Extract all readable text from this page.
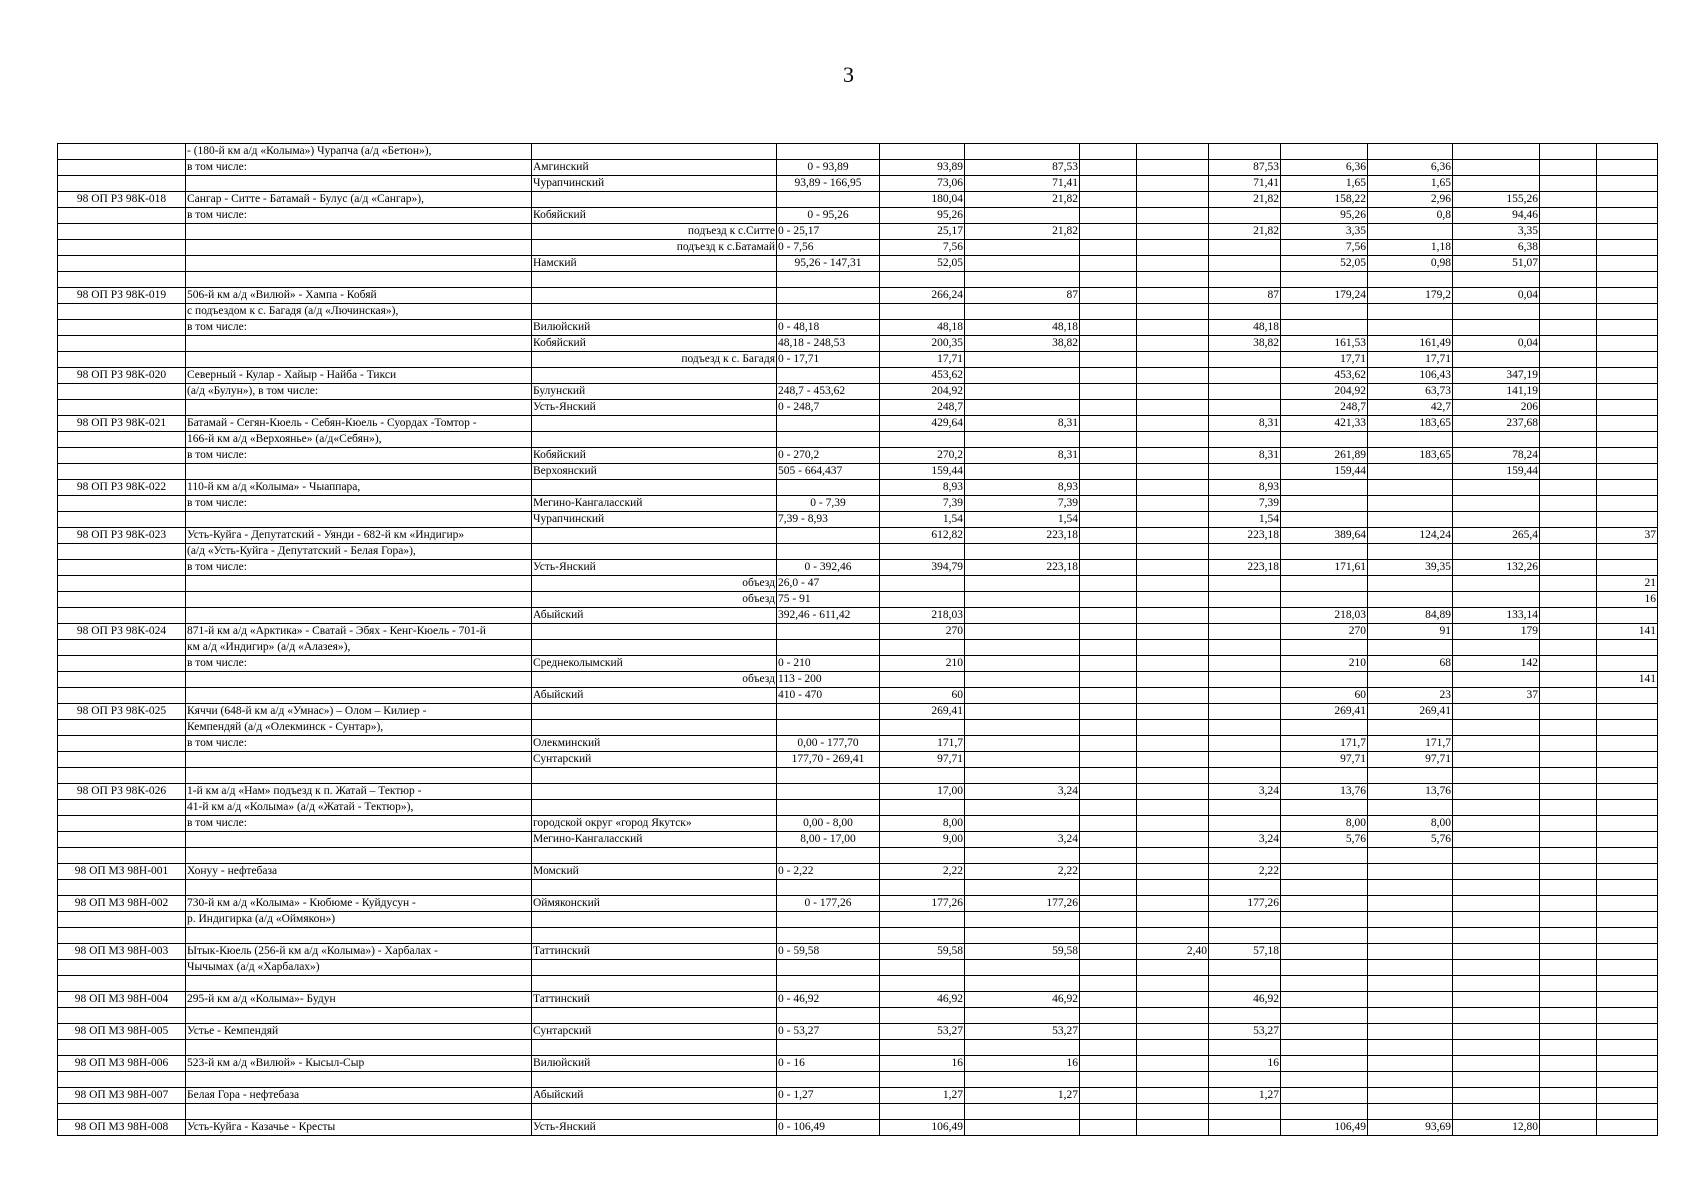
3
	- (180-й км а/д «Колыма») Чурапча (а/д «Бетюн»),												
	в том числе:	Амгинский	0 - 93,89	93,89	87,53			87,53	6,36	6,36			
		Чурапчинский	93,89 - 166,95	73,06	71,41			71,41	1,65	1,65			
98 ОП РЗ 98К-018	Сангар - Ситте - Батамай - Булус (а/д «Сангар»),			180,04	21,82			21,82	158,22	2,96	155,26		
	в том числе:	Кобяйский	0 - 95,26	95,26					95,26	0,8	94,46		
		подъезд к с.Ситте	0 - 25,17	25,17	21,82			21,82	3,35		3,35		
		подъезд к с.Батамай	0 - 7,56	7,56					7,56	1,18	6,38		
		Намский	95,26 - 147,31	52,05					52,05	0,98	51,07		

98 ОП РЗ 98К-019	506-й км а/д «Вилюй» - Хампа - Кобяй			266,24	87			87	179,24	179,2	0,04		
	с подъездом к с. Багадя (а/д «Лючинская»),												
	в том числе:	Вилюйский	0 - 48,18	48,18	48,18			48,18					
		Кобяйский	48,18 - 248,53	200,35	38,82			38,82	161,53	161,49	0,04		
		подъезд к с. Багадя	0 - 17,71	17,71					17,71	17,71			
98 ОП РЗ 98К-020	Северный - Кулар - Хайыр - Найба - Тикси			453,62					453,62	106,43	347,19		
	(а/д «Булун»), в том числе:	Булунский	248,7 - 453,62	204,92					204,92	63,73	141,19		
		Усть-Янский	0 - 248,7	248,7					248,7	42,7	206		
98 ОП РЗ 98К-021	Батамай - Сегян-Кюель - Себян-Кюель - Суордах -Томтор -			429,64	8,31			8,31	421,33	183,65	237,68		
	166-й км а/д «Верхоянье» (а/д«Себян»),												
	в том числе:	Кобяйский	0 - 270,2	270,2	8,31			8,31	261,89	183,65	78,24		
		Верхоянский	505 - 664,437	159,44					159,44		159,44		
98 ОП РЗ 98К-022	110-й км а/д «Колыма» - Чыаппара,			8,93	8,93			8,93					
	в том числе:	Мегино-Кангаласский	0 - 7,39	7,39	7,39			7,39					
		Чурапчинский	7,39 - 8,93	1,54	1,54			1,54					
98 ОП РЗ 98К-023	Усть-Куйга - Депутатский - Уянди - 682-й км «Индигир»			612,82	223,18			223,18	389,64	124,24	265,4		37
	(а/д «Усть-Куйга - Депутатский - Белая Гора»),												
	в том числе:	Усть-Янский	0 - 392,46	394,79	223,18			223,18	171,61	39,35	132,26		
		объезд	26,0 - 47										21
		объезд	75 - 91										16
		Абыйский	392,46 - 611,42	218,03					218,03	84,89	133,14		
98 ОП РЗ 98К-024	871-й км а/д «Арктика» - Сватай - Эбях - Кенг-Кюель - 701-й			270					270	91	179		141
	км а/д «Индигир» (а/д «Алазея»),												
	в том числе:	Среднеколымский	0 - 210	210					210	68	142		
		объезд	113 - 200										141
		Абыйский	410 - 470	60					60	23	37		
98 ОП РЗ 98К-025	Кяччи (648-й км а/д «Умнас») – Олом – Килиер -			269,41					269,41	269,41			
	Кемпендяй (а/д «Олекминск - Сунтар»),												
	в том числе:	Олекминский	0,00 - 177,70	171,7					171,7	171,7			
		Сунтарский	177,70 - 269,41	97,71					97,71	97,71			

98 ОП РЗ 98К-026	1-й км а/д «Нам» подъезд к п. Жатай – Тектюр -			17,00	3,24			3,24	13,76	13,76			
	41-й км а/д «Колыма» (а/д «Жатай - Тектюр»),												
	в том числе:	городской округ «город Якутск»	0,00 - 8,00	8,00					8,00	8,00			
		Мегино-Кангаласский	8,00 - 17,00	9,00	3,24			3,24	5,76	5,76			

98 ОП МЗ 98Н-001	Хонуу - нефтебаза	Момский	0 - 2,22	2,22	2,22			2,22					

98 ОП МЗ 98Н-002	730-й км а/д «Колыма» - Кюбюме - Куйдусун -	Оймяконский	0 - 177,26	177,26	177,26			177,26					
	р. Индигирка (а/д «Оймякон»)												

98 ОП МЗ 98Н-003	Ытык-Кюель (256-й км а/д «Колыма») - Харбалах -	Таттинский	0 - 59,58	59,58	59,58		2,40	57,18					
	Чычымах (а/д «Харбалах»)												

98 ОП МЗ 98Н-004	295-й км а/д «Колыма»- Будун	Таттинский	0 - 46,92	46,92	46,92			46,92					

98 ОП МЗ 98Н-005	Устье - Кемпендяй	Сунтарский	0 - 53,27	53,27	53,27			53,27					

98 ОП МЗ 98Н-006	523-й км а/д «Вилюй» - Кысыл-Сыр	Вилюйский	0 - 16	16	16			16					

98 ОП МЗ 98Н-007	Белая Гора - нефтебаза	Абыйский	0 - 1,27	1,27	1,27			1,27					

98 ОП МЗ 98Н-008	Усть-Куйга - Казачье - Кресты	Усть-Янский	0 - 106,49	106,49					106,49	93,69	12,80		
